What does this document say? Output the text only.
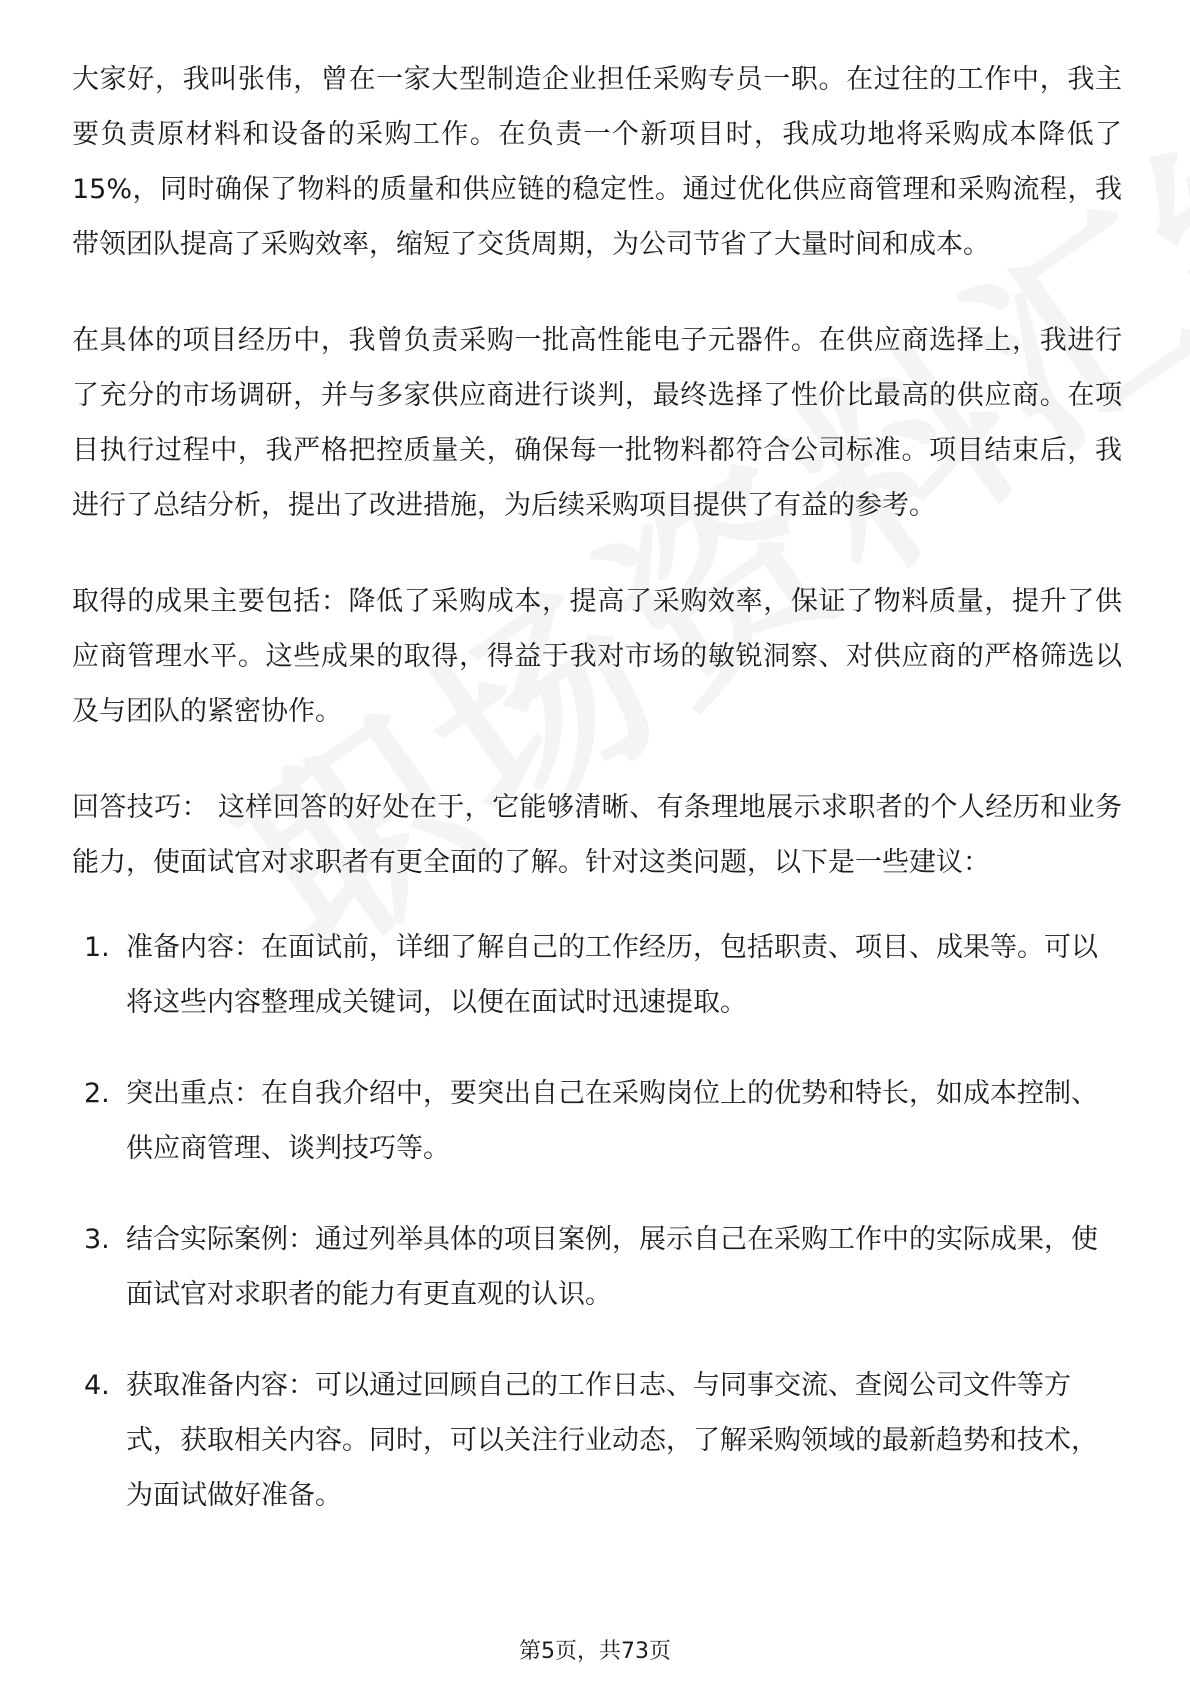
大家好，我叫张伟，曾在一家大型制造企业担任采购专员一职。在过往的工作中，我主要负责原材料和设备的采购工作。在负责一个新项目时，我成功地将采购成本降低了15%，同时确保了物料的质量和供应链的稳定性。通过优化供应商管理和采购流程，我带领团队提高了采购效率，缩短了交货周期，为公司节省了大量时间和成本。

在具体的项目经历中，我曾负责采购一批高性能电子元器件。在供应商选择上，我进行了充分的市场调研，并与多家供应商进行谈判，最终选择了性价比最高的供应商。在项目执行过程中，我严格把控质量关，确保每一批物料都符合公司标准。项目结束后，我进行了总结分析，提出了改进措施，为后续采购项目提供了有益的参考。

取得的成果主要包括：降低了采购成本，提高了采购效率，保证了物料质量，提升了供应商管理水平。这些成果的取得，得益于我对市场的敏锐洞察、对供应商的严格筛选以及与团队的紧密协作。

回答技巧： 这样回答的好处在于，它能够清晰、有条理地展示求职者的个人经历和业务能力，使面试官对求职者有更全面的了解。针对这类问题，以下是一些建议：

1. 准备内容：在面试前，详细了解自己的工作经历，包括职责、项目、成果等。可以将这些内容整理成关键词，以便在面试时迅速提取。
2. 突出重点：在自我介绍中，要突出自己在采购岗位上的优势和特长，如成本控制、供应商管理、谈判技巧等。
3. 结合实际案例：通过列举具体的项目案例，展示自己在采购工作中的实际成果，使面试官对求职者的能力有更直观的认识。
4. 获取准备内容：可以通过回顾自己的工作日志、与同事交流、查阅公司文件等方式，获取相关内容。同时，可以关注行业动态，了解采购领域的最新趋势和技术，为面试做好准备。
第5页，共73页
